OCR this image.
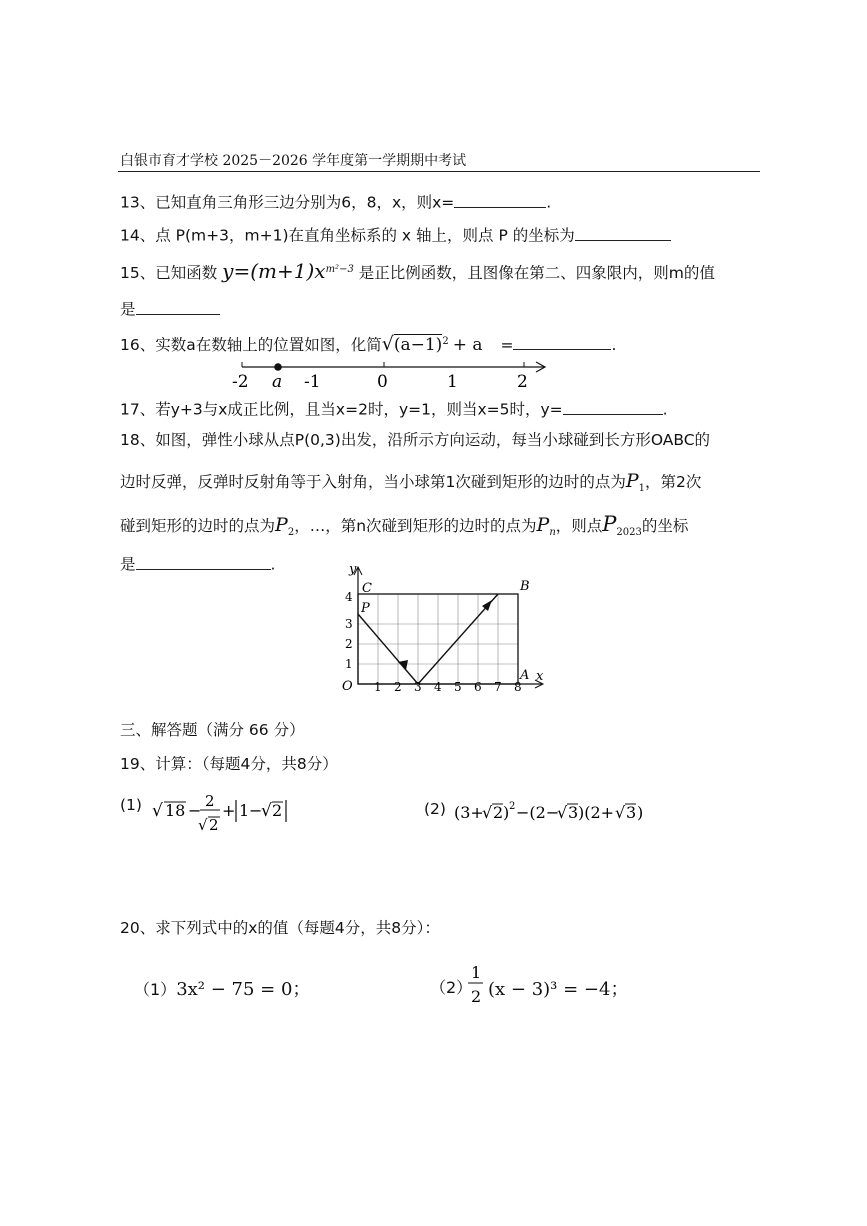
白银市育才学校 2025－2026 学年度第一学期期中考试
13、已知直角三角形三边分别为6，8，x，则x=	.
14、点 P(m+3，m+1)在直角坐标系的 x 轴上，则点 P 的坐标为
15、已知函数 $y=(m+1)x^{m^2-3}$ 是正比例函数，且图像在第二、四象限内，则m的值
是
16、实数a在数轴上的位置如图，化简$√(a-1)^2 + a$ =	.
-2 a -1	0	1	2
17、若y+3与x成正比例，且当x=2时，y=1，则当x=5时，y=	.
18、如图，弹性小球从点P(0,3)出发，沿所示方向运动，每当小球碰到长方形OABC的
边时反弹，反弹时反射角等于入射角，当小球第1次碰到矩形的边时的点为$P_1$，第2次
碰到矩形的边时的点为$P_2$，…，第n次碰到矩形的边时的点为$P_n$，则点$P_{2023}$的坐标
是	.	y
x
O
A
B
C
P
1 2 3 4 5 6 7 8
1
2
3
4
三、解答题（满分 66 分）
19、计算：（每题4分，共8分）
(1) √ 18 − 2
√ 2
+ 1 −
√ 2	(2) (3+
√ 2 ) 2 −(2−
√ 3 )(2+ √ 3 )
20、求下列式中的x的值（每题4分，共8分）：
（1）3x² − 75 = 0；	（2）
1
2 (x − 3)³ = −4；
